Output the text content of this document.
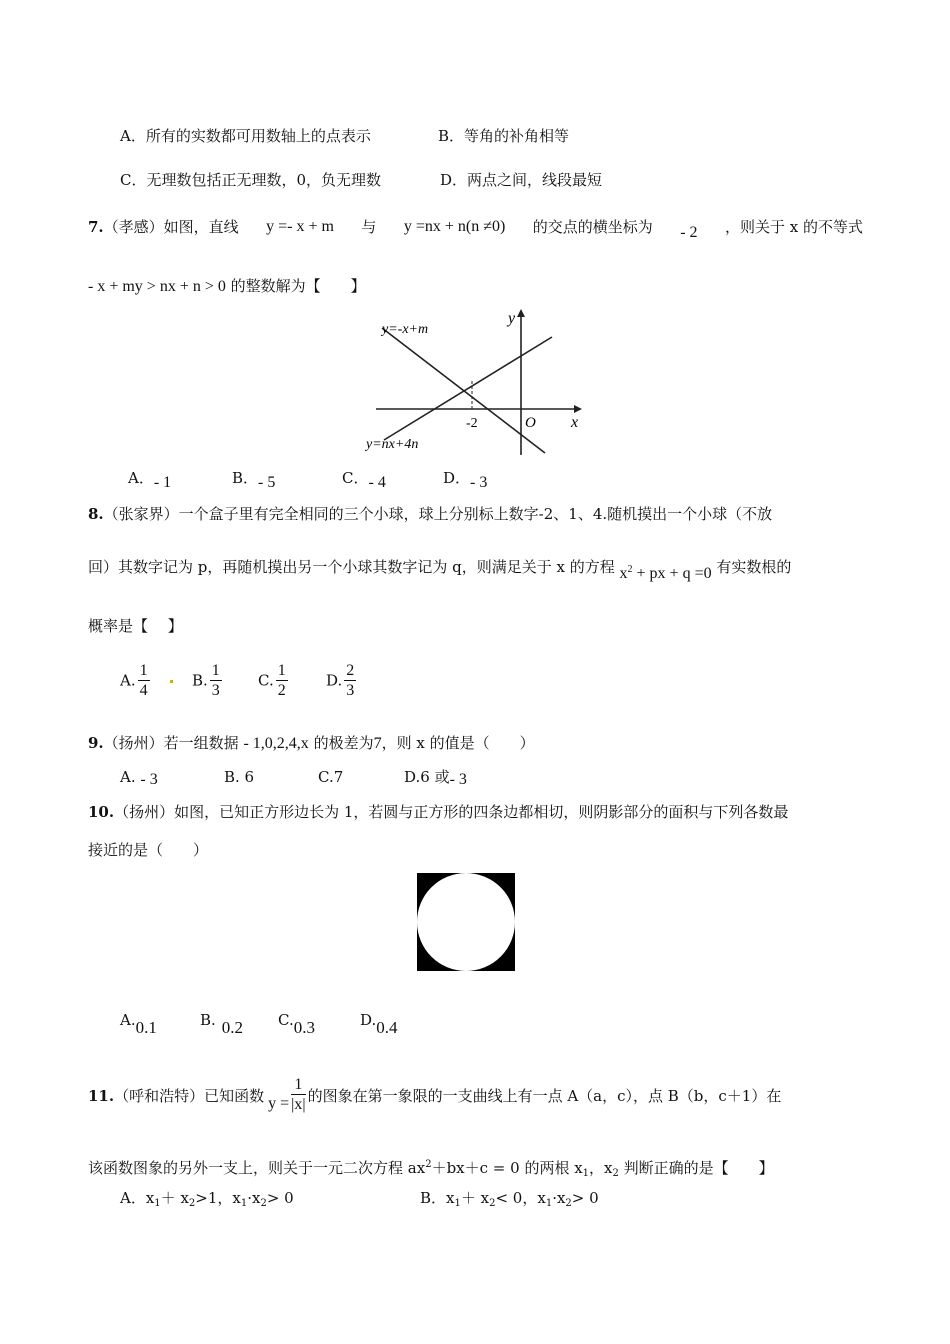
A．所有的实数都可用数轴上的点表示	B．等角的补角相等
C．无理数包括正无理数，0，负无理数	D．两点之间，线段最短
7.（孝感）如图，直线 y =- x + m 与 y =nx + n(n ≠0) 的交点的横坐标为 - 2 ，则关于 x 的不等式
- x + my > nx + n > 0 的整数解为【　　】
y=-x+m
y=nx+4n
y
x
O
-2
A．- 1	B．- 5	C．- 4	D．- 3
8.（张家界）一个盒子里有完全相同的三个小球，球上分别标上数字-2、1、4.随机摸出一个小球（不放
回）其数字记为 p，再随机摸出另一个小球其数字记为 q，则满足关于 x 的方程 $x^2$ + px + q =0 有实数根的
概率是【　 】
A. $\frac{1}{4}$
	B. $\frac{1}{3} C$. $\frac{1}{2}$	D. $\frac{2}{3}$
9.（扬州）若一组数据 - 1,0,2,4,x 的极差为7，则 x 的值是（　　）
A. - 3	B. 6	C.7	D.6 或- 3
10.（扬州）如图，已知正方形边长为 1，若圆与正方形的四条边都相切，则阴影部分的面积与下列各数最
接近的是（　　）
A.0.1	B. 0.2 C.0.3	D.0.4
11. （呼和浩特）已知函数 $y = \frac{1}{|x|}$ 的图象在第一象限的一支曲线上有一点 A（a，c），点 B（b，c＋1）在
该函数图象的另外一支上，则关于一元二次方程 $ax^2+bx+c = 0$ 的两根 $x_1$，$x_2$ 判断正确的是【　　】
A．$x_1+ x_2>1$，$x_1\cdot x_2> 0$	B．$x_1+ x_2< 0$，$x_1\cdot x_2> 0$
